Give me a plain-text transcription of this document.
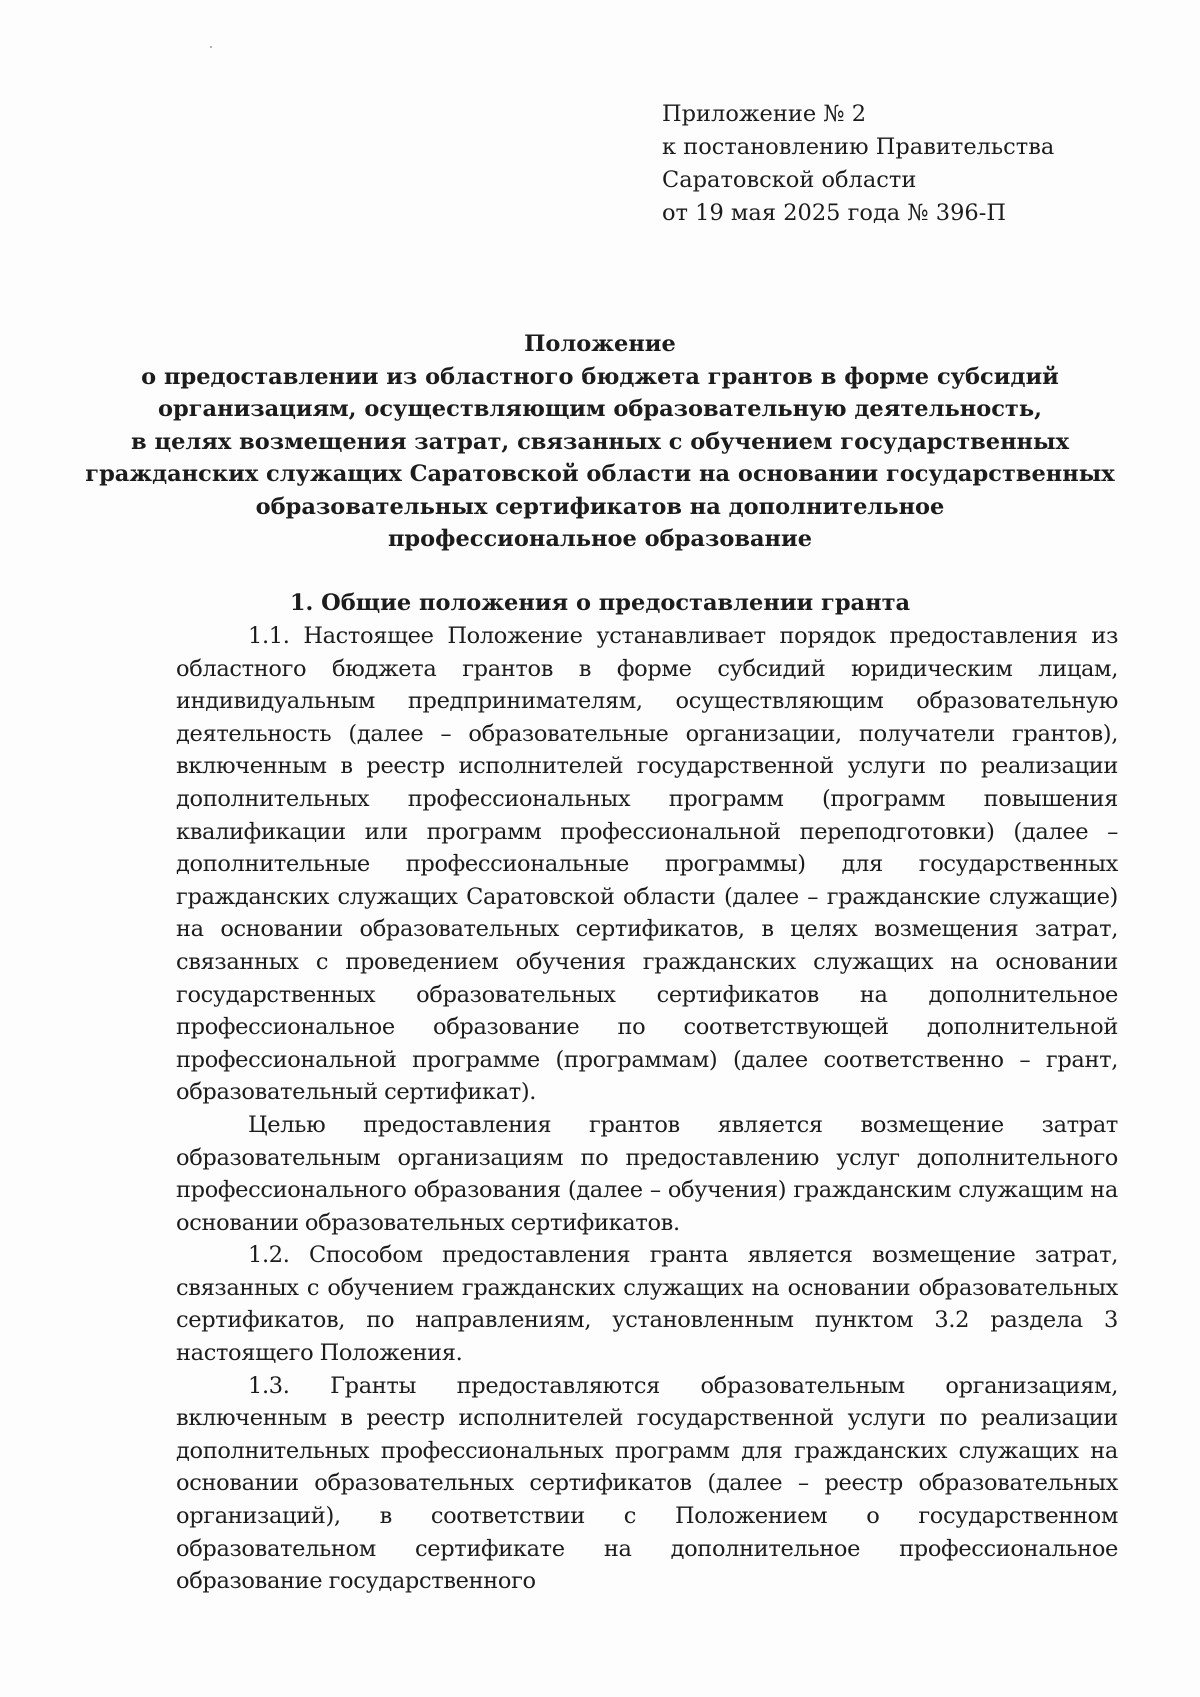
Приложение № 2
к постановлению Правительства
Саратовской области
от 19 мая 2025 года № 396-П
Положение
о предоставлении из областного бюджета грантов в форме субсидий
организациям, осуществляющим образовательную деятельность,
в целях возмещения затрат, связанных с обучением государственных
гражданских служащих Саратовской области на основании государственных
образовательных сертификатов на дополнительное
профессиональное образование
1. Общие положения о предоставлении гранта

1.1. Настоящее Положение устанавливает порядок предоставления из областного бюджета грантов в форме субсидий юридическим лицам, индивидуальным предпринимателям, осуществляющим образовательную деятельность (далее – образовательные организации, получатели грантов), включенным в реестр исполнителей государственной услуги по реализации дополнительных профессиональных программ (программ повышения квалификации или программ профессиональной переподготовки) (далее – дополнительные профессиональные программы) для государственных гражданских служащих Саратовской области (далее – гражданские служащие) на основании образовательных сертификатов, в целях возмещения затрат, связанных с проведением обучения гражданских служащих на основании государственных образовательных сертификатов на дополнительное профессиональное образование по соответствующей дополнительной профессиональной программе (программам) (далее соответственно – грант, образовательный сертификат).

Целью предоставления грантов является возмещение затрат образовательным организациям по предоставлению услуг дополнительного профессионального образования (далее – обучения) гражданским служащим на основании образовательных сертификатов.

1.2. Способом предоставления гранта является возмещение затрат, связанных с обучением гражданских служащих на основании образовательных сертификатов, по направлениям, установленным пунктом 3.2 раздела 3 настоящего Положения.

1.3. Гранты предоставляются образовательным организациям, включенным в реестр исполнителей государственной услуги по реализации дополнительных профессиональных программ для гражданских служащих на основании образовательных сертификатов (далее – реестр образовательных организаций), в соответствии с Положением о государственном образовательном сертификате на дополнительное профессиональное образование государственного
